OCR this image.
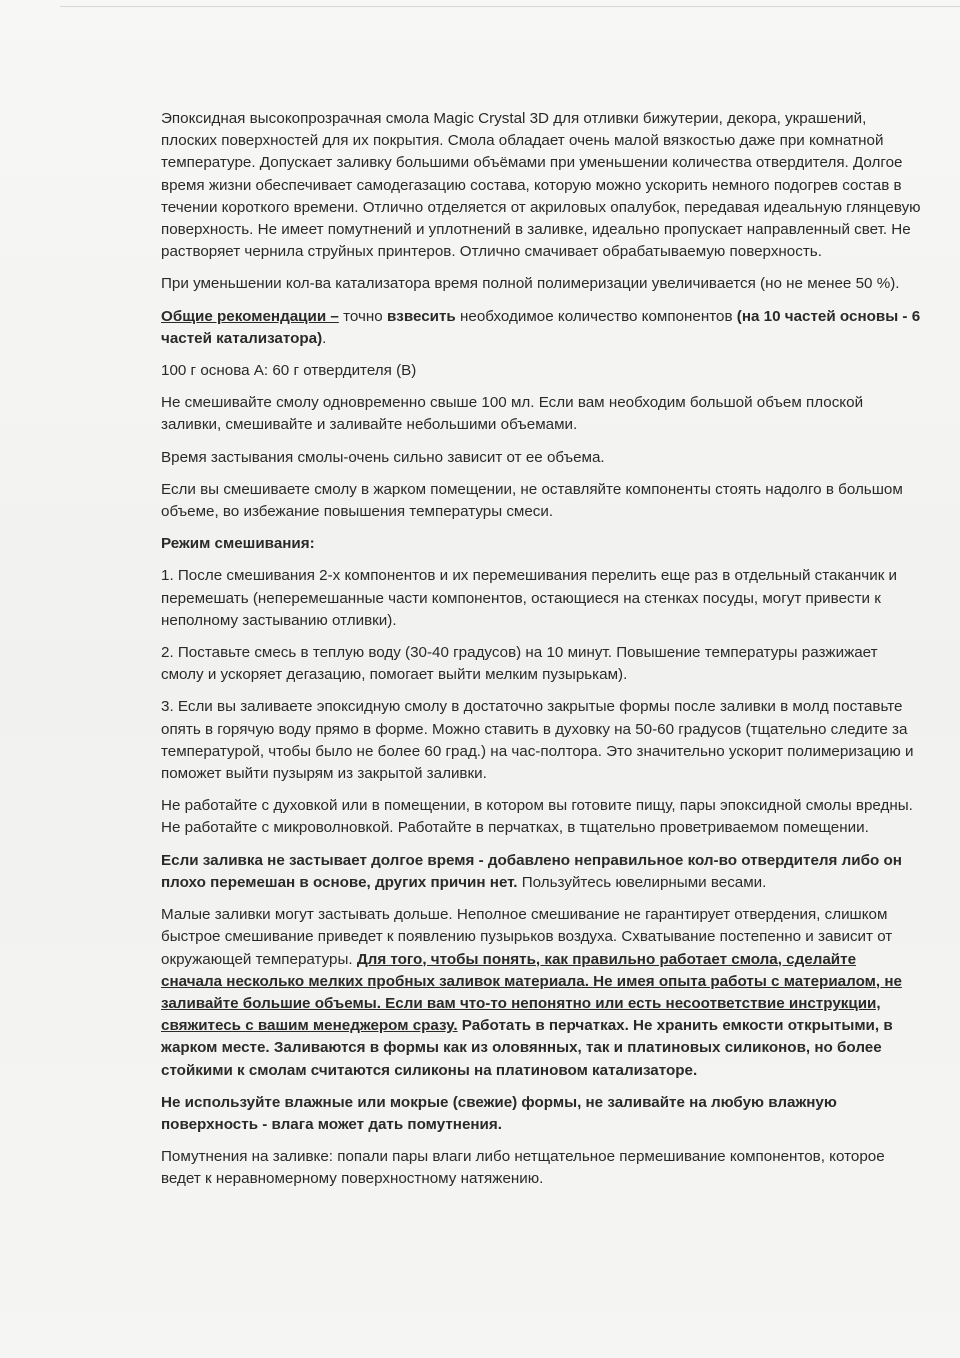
Эпоксидная высокопрозрачная смола Magic Crystal 3D для отливки бижутерии, декора, украшений, плоских поверхностей для их покрытия. Смола обладает очень малой вязкостью даже при комнатной температуре. Допускает заливку большими объёмами при уменьшении количества отвердителя. Долгое время жизни обеспечивает самодегазацию состава, которую можно ускорить немного подогрев состав в течении короткого времени. Отлично отделяется от акриловых опалубок, передавая идеальную глянцевую поверхность. Не имеет помутнений и уплотнений в заливке, идеально пропускает направленный свет. Не растворяет чернила струйных принтеров. Отлично смачивает обрабатываемую поверхность.

При уменьшении кол-ва катализатора время полной полимеризации увеличивается (но не менее 50 %).

Общие рекомендации – точно взвесить необходимое количество компонентов (на 10 частей основы - 6 частей катализатора).

100 г основа А: 60 г отвердителя (В)

Не смешивайте смолу одновременно свыше 100 мл. Если вам необходим большой объем плоской заливки, смешивайте и заливайте небольшими объемами.

Время застывания смолы-очень сильно зависит от ее объема.

Если вы смешиваете смолу в жарком помещении, не оставляйте компоненты стоять надолго в большом объеме, во избежание повышения температуры смеси.

Режим смешивания:

1. После смешивания 2-х компонентов и их перемешивания перелить еще раз в отдельный стаканчик и перемешать (неперемешанные части компонентов, остающиеся на стенках посуды, могут привести к неполному застыванию отливки).

2. Поставьте смесь в теплую воду (30-40 градусов) на 10 минут. Повышение температуры разжижает смолу и ускоряет дегазацию, помогает выйти мелким пузырькам).

3. Если вы заливаете эпоксидную смолу в достаточно закрытые формы после заливки в молд поставьте опять в горячую воду прямо в форме. Можно ставить в духовку на 50-60 градусов (тщательно следите за температурой, чтобы было не более 60 град.) на час-полтора. Это значительно ускорит полимеризацию и поможет выйти пузырям из закрытой заливки.

Не работайте с духовкой или в помещении, в котором вы готовите пищу, пары эпоксидной смолы вредны. Не работайте с микроволновкой. Работайте в перчатках, в тщательно проветриваемом помещении.

Если заливка не застывает долгое время - добавлено неправильное кол-во отвердителя либо он плохо перемешан в основе, других причин нет. Пользуйтесь ювелирными весами.

Малые заливки могут застывать дольше. Неполное смешивание не гарантирует отвердения, слишком быстрое смешивание приведет к появлению пузырьков воздуха. Схватывание постепенно и зависит от окружающей температуры. Для того, чтобы понять, как правильно работает смола, сделайте сначала несколько мелких пробных заливок материала. Не имея опыта работы с материалом, не заливайте большие объемы. Если вам что-то непонятно или есть несоответствие инструкции, свяжитесь с вашим менеджером сразу. Работать в перчатках. Не хранить емкости открытыми, в жарком месте. Заливаются в формы как из оловянных, так и платиновых силиконов, но более стойкими к смолам считаются силиконы на платиновом катализаторе.

Не используйте влажные или мокрые (свежие) формы, не заливайте на любую влажную поверхность - влага может дать помутнения.

Помутнения на заливке: попали пары влаги либо нетщательное пермешивание компонентов, которое ведет к неравномерному поверхностному натяжению.
